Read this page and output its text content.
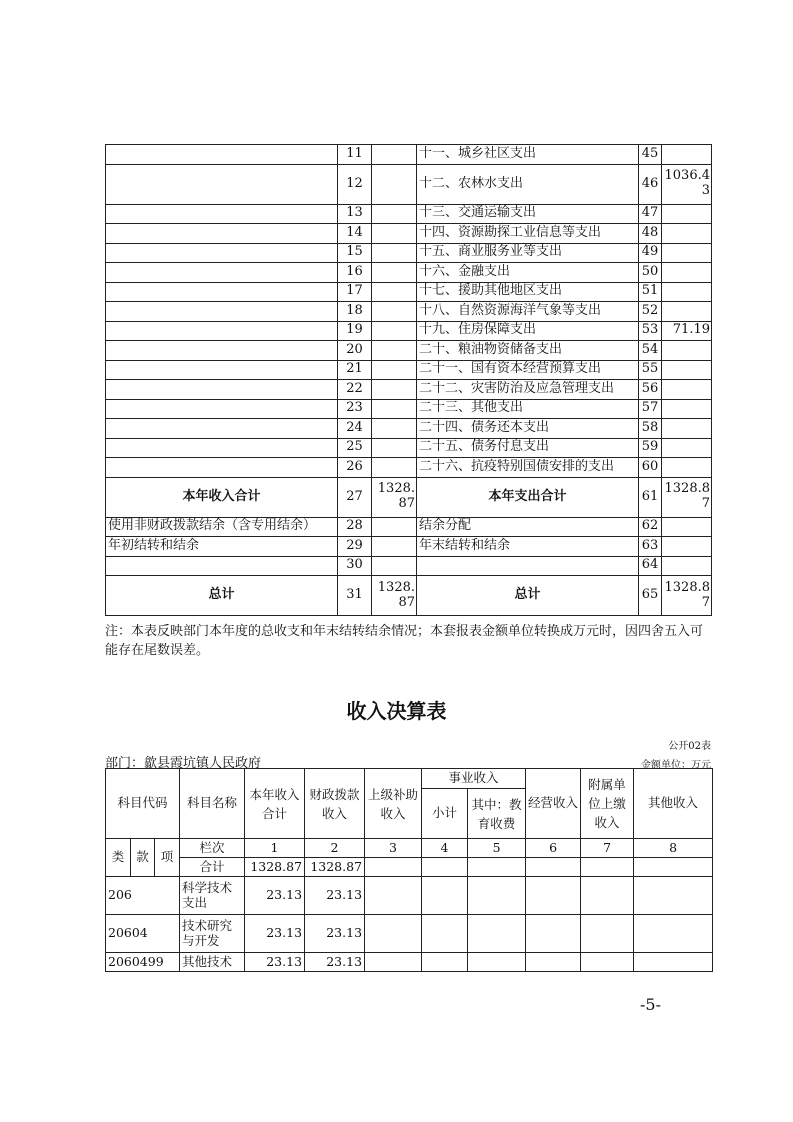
	11		十一、城乡社区支出	45	
	12		十二、农林水支出	46	1036.43
	13		十三、交通运输支出	47	
	14		十四、资源勘探工业信息等支出	48	
	15		十五、商业服务业等支出	49	
	16		十六、金融支出	50	
	17		十七、援助其他地区支出	51	
	18		十八、自然资源海洋气象等支出	52	
	19		十九、住房保障支出	53	71.19
	20		二十、粮油物资储备支出	54	
	21		二十一、国有资本经营预算支出	55	
	22		二十二、灾害防治及应急管理支出	56	
	23		二十三、其他支出	57	
	24		二十四、债务还本支出	58	
	25		二十五、债务付息支出	59	
	26		二十六、抗疫特别国债安排的支出	60	
本年收入合计	27	1328.87	本年支出合计	61	1328.87
使用非财政拨款结余（含专用结余）	28		结余分配	62	
年初结转和结余	29		年末结转和结余	63	
	30			64	
总计	31	1328.87	总计	65	1328.87
注：本表反映部门本年度的总收支和年末结转结余情况；本套报表金额单位转换成万元时，因四舍五入可能存在尾数误差。
收入决算表
公开02表
部门：歙县霞坑镇人民政府	金额单位：万元
科目代码			科目名称	本年收入合计	财政拨款收入	上级补助收入	事业收入		经营收入	附属单位上缴收入	其他收入
							小计	其中：教育收费			
类	款	项	栏次	1	2	3	4	5	6	7	8
			合计	1328.87	1328.87						
206			科学技术支出	23.13	23.13						
20604			技术研究与开发	23.13	23.13						
2060499			其他技术	23.13	23.13						
-5-
